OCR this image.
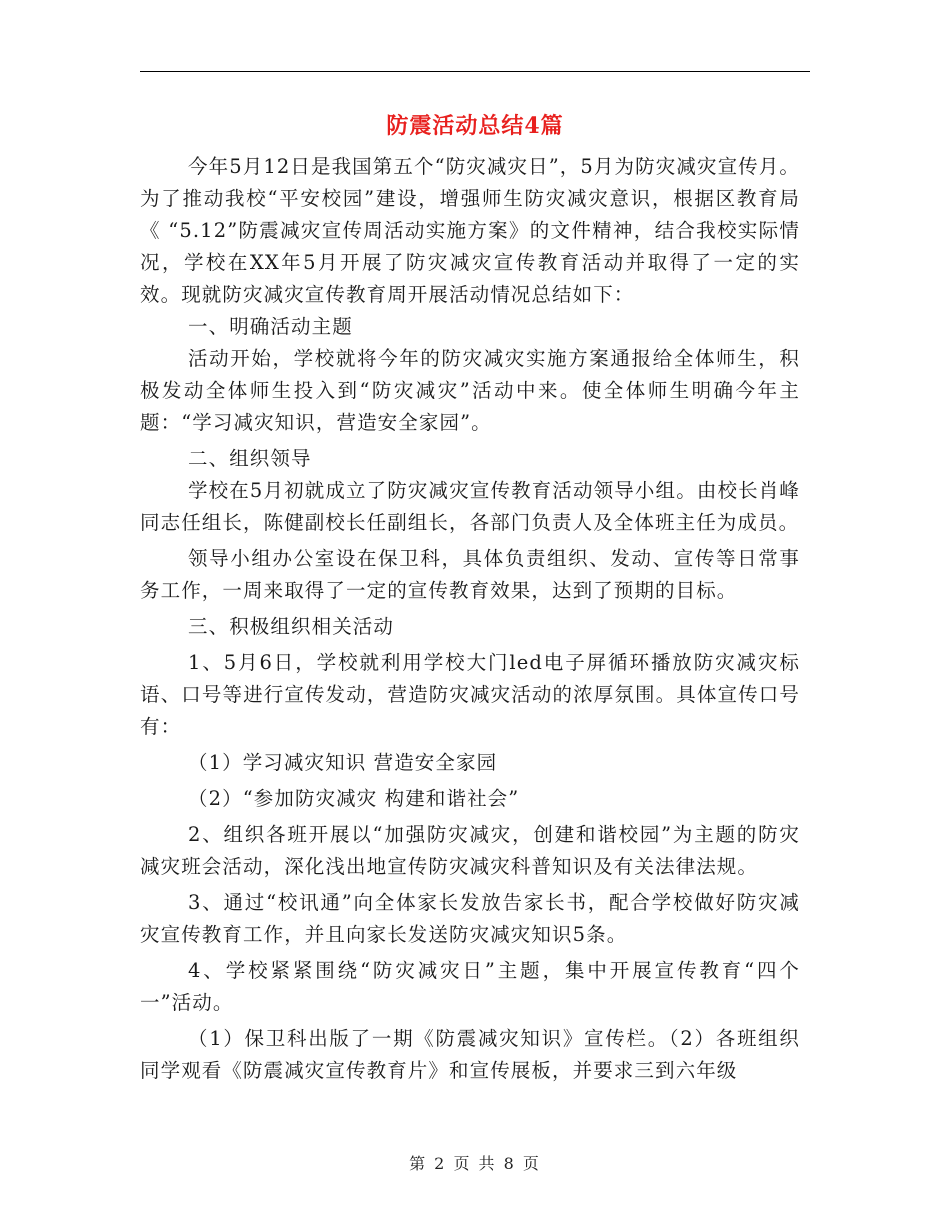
防震活动总结4篇

今年5月12日是我国第五个“防灾减灾日”，5月为防灾减灾宣传月。为了推动我校“平安校园”建设，增强师生防灾减灾意识，根据区教育局《 “5.12”防震减灾宣传周活动实施方案》的文件精神，结合我校实际情况，学校在XX年5月开展了防灾减灾宣传教育活动并取得了一定的实效。现就防灾减灾宣传教育周开展活动情况总结如下：

一、明确活动主题

活动开始，学校就将今年的防灾减灾实施方案通报给全体师生，积极发动全体师生投入到“防灾减灾”活动中来。使全体师生明确今年主题：“学习减灾知识，营造安全家园”。

二、组织领导

学校在5月初就成立了防灾减灾宣传教育活动领导小组。由校长肖峰同志任组长，陈健副校长任副组长，各部门负责人及全体班主任为成员。

领导小组办公室设在保卫科，具体负责组织、发动、宣传等日常事务工作，一周来取得了一定的宣传教育效果，达到了预期的目标。

三、积极组织相关活动

1、5月6日，学校就利用学校大门led电子屏循环播放防灾减灾标语、口号等进行宣传发动，营造防灾减灾活动的浓厚氛围。具体宣传口号有：

（1）学习减灾知识 营造安全家园

（2）“参加防灾减灾 构建和谐社会”

2、组织各班开展以“加强防灾减灾，创建和谐校园”为主题的防灾减灾班会活动，深化浅出地宣传防灾减灾科普知识及有关法律法规。

3、通过“校讯通”向全体家长发放告家长书，配合学校做好防灾减灾宣传教育工作，并且向家长发送防灾减灾知识5条。

4、学校紧紧围绕“防灾减灾日”主题，集中开展宣传教育“四个一”活动。

（1）保卫科出版了一期《防震减灾知识》宣传栏。（2）各班组织同学观看《防震减灾宣传教育片》和宣传展板，并要求三到六年级

第 2 页 共 8 页
